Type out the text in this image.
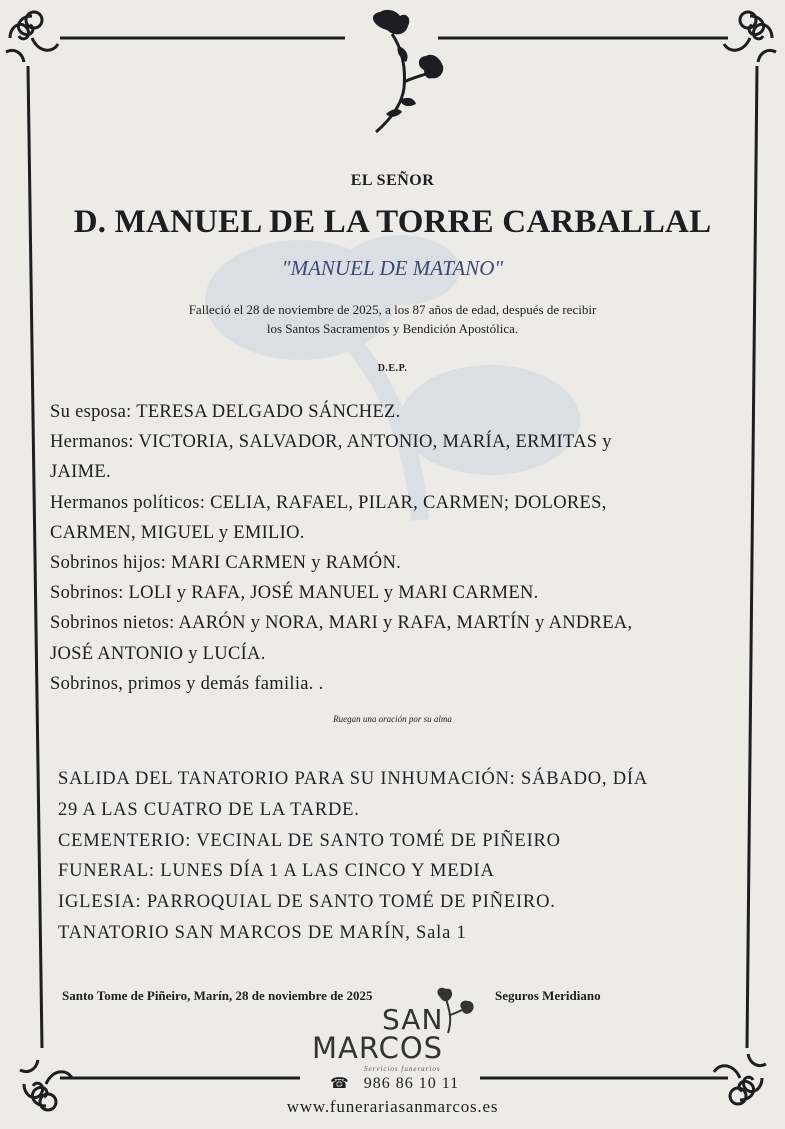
EL SEÑOR
D. MANUEL DE LA TORRE CARBALLAL
"MANUEL DE MATANO"
Falleció el 28 de noviembre de 2025, a los 87 años de edad, después de recibir
los Santos Sacramentos y Bendición Apostólica.
D.E.P.
Su esposa: TERESA DELGADO SÁNCHEZ.
Hermanos: VICTORIA, SALVADOR, ANTONIO, MARÍA, ERMITAS y
JAIME.
Hermanos políticos: CELIA, RAFAEL, PILAR, CARMEN; DOLORES,
CARMEN, MIGUEL y EMILIO.
Sobrinos hijos: MARI CARMEN y RAMÓN.
Sobrinos: LOLI y RAFA, JOSÉ MANUEL y MARI CARMEN.
Sobrinos nietos: AARÓN y NORA, MARI y RAFA, MARTÍN y ANDREA,
JOSÉ ANTONIO y LUCÍA.
Sobrinos, primos y demás familia. .
Ruegan una oración por su alma
SALIDA DEL TANATORIO PARA SU INHUMACIÓN: SÁBADO, DÍA
29 A LAS CUATRO DE LA TARDE.
CEMENTERIO: VECINAL DE SANTO TOMÉ DE PIÑEIRO
FUNERAL: LUNES DÍA 1 A LAS CINCO Y MEDIA
IGLESIA: PARROQUIAL DE SANTO TOMÉ DE PIÑEIRO.
TANATORIO SAN MARCOS DE MARÍN, Sala 1
Santo Tome de Piñeiro, Marín, 28 de noviembre de 2025	Seguros Meridiano
SAN
MARCOS
Servicios funerarios
☎ 986 86 10 11
www.funerariasanmarcos.es
